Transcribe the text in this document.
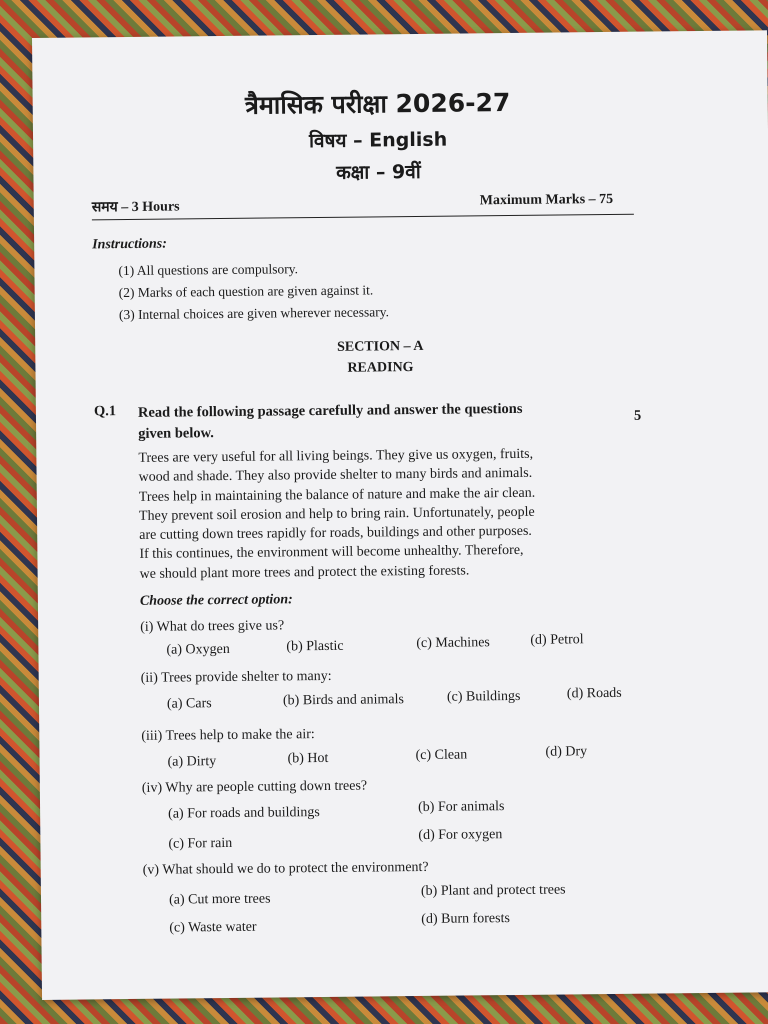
त्रैमासिक परीक्षा 2026-27
विषय – English
कक्षा – 9वीं
समय – 3 Hours	Maximum Marks – 75
Instructions:
(1) All questions are compulsory.
(2) Marks of each question are given against it.
(3) Internal choices are given wherever necessary.
SECTION – A
READING
Q.1 Read the following passage carefully and answer the questions
given below.
5
Trees are very useful for all living beings. They give us oxygen, fruits,
wood and shade. They also provide shelter to many birds and animals.
Trees help in maintaining the balance of nature and make the air clean.
They prevent soil erosion and help to bring rain. Unfortunately, people
are cutting down trees rapidly for roads, buildings and other purposes.
If this continues, the environment will become unhealthy. Therefore,
we should plant more trees and protect the existing forests.
Choose the correct option:
(i) What do trees give us?
(a) Oxygen	(b) Plastic	(c) Machines	(d) Petrol
(ii) Trees provide shelter to many:
(a) Cars	(b) Birds and animals	(c) Buildings	(d) Roads
(iii) Trees help to make the air:
(a) Dirty	(b) Hot	(c) Clean	(d) Dry
(iv) Why are people cutting down trees?
(a) For roads and buildings	(b) For animals
(c) For rain
(d) For oxygen
(v) What should we do to protect the environment?
(a) Cut more trees
(b) Plant and protect trees
(c) Waste water
(d) Burn forests
